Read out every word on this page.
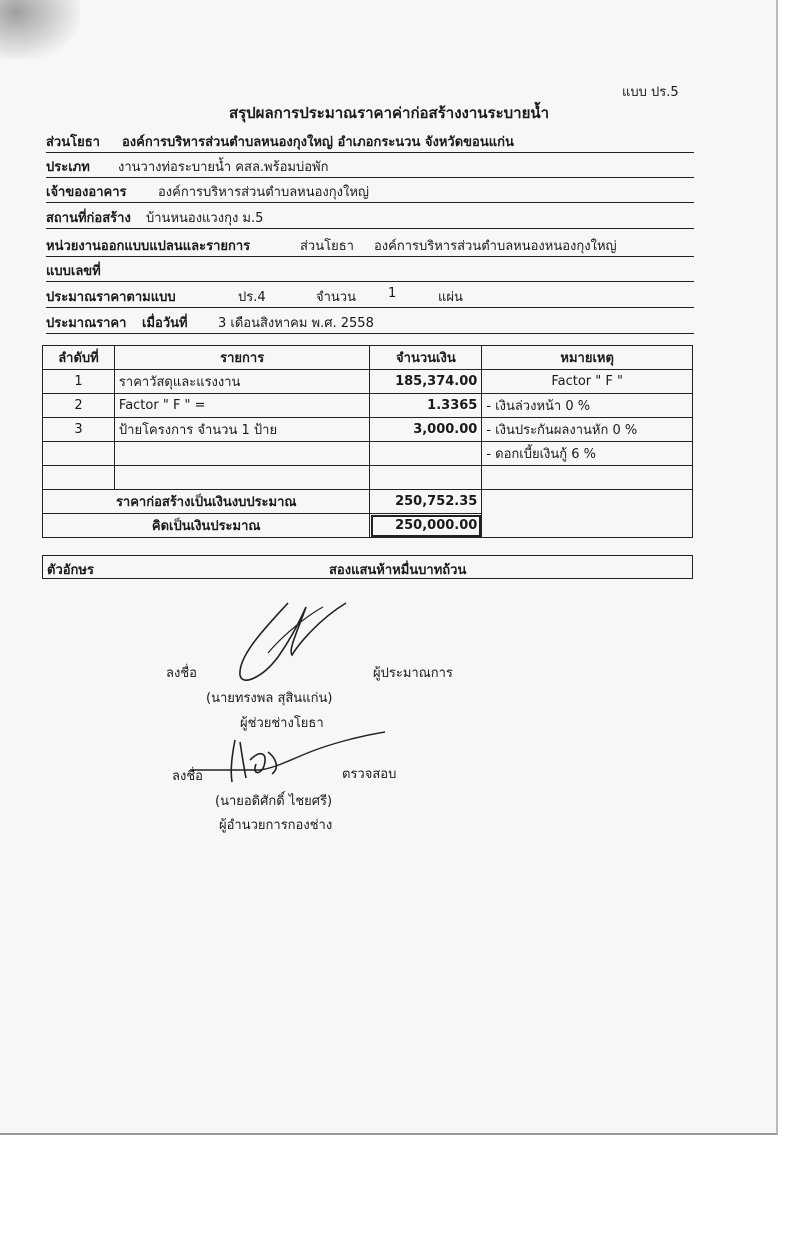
แบบ ปร.5
สรุปผลการประมาณราคาค่าก่อสร้างงานระบายน้ำ
ส่วนโยธา องค์การบริหารส่วนตำบลหนองกุงใหญ่ อำเภอกระนวน จังหวัดขอนแก่น
ประเภท งานวางท่อระบายน้ำ คสล.พร้อมบ่อพัก
เจ้าของอาคาร องค์การบริหารส่วนตำบลหนองกุงใหญ่
สถานที่ก่อสร้าง บ้านหนองแวงกุง ม.5
หน่วยงานออกแบบแปลนและรายการ	ส่วนโยธา องค์การบริหารส่วนตำบลหนองหนองกุงใหญ่
แบบเลขที่
ประมาณราคาตามแบบ	ปร.4	จำนวน 1	แผ่น
ประมาณราคา เมื่อวันที่ 3 เดือนสิงหาคม พ.ศ. 2558
ลำดับที่	รายการ	จำนวนเงิน	หมายเหตุ
1	ราคาวัสดุและแรงงาน	185,374.00	Factor " F "
2	Factor " F " =	1.3365	- เงินล่วงหน้า 0 %
3	ป้ายโครงการ จำนวน 1 ป้าย	3,000.00	- เงินประกันผลงานหัก 0 %
			- ดอกเบี้ยเงินกู้ 6 %

ราคาก่อสร้างเป็นเงินงบประมาณ		250,752.35	
คิดเป็นเงินประมาณ		250,000.00	
ตัวอักษร	สองแสนห้าหมื่นบาทถ้วน
ลงชื่อ	ผู้ประมาณการ
(นายทรงพล สุสินแก่น)
ผู้ช่วยช่างโยธา
ลงชื่อ	ตรวจสอบ
(นายอดิศักดิ์ ไชยศรี)
ผู้อำนวยการกองช่าง
